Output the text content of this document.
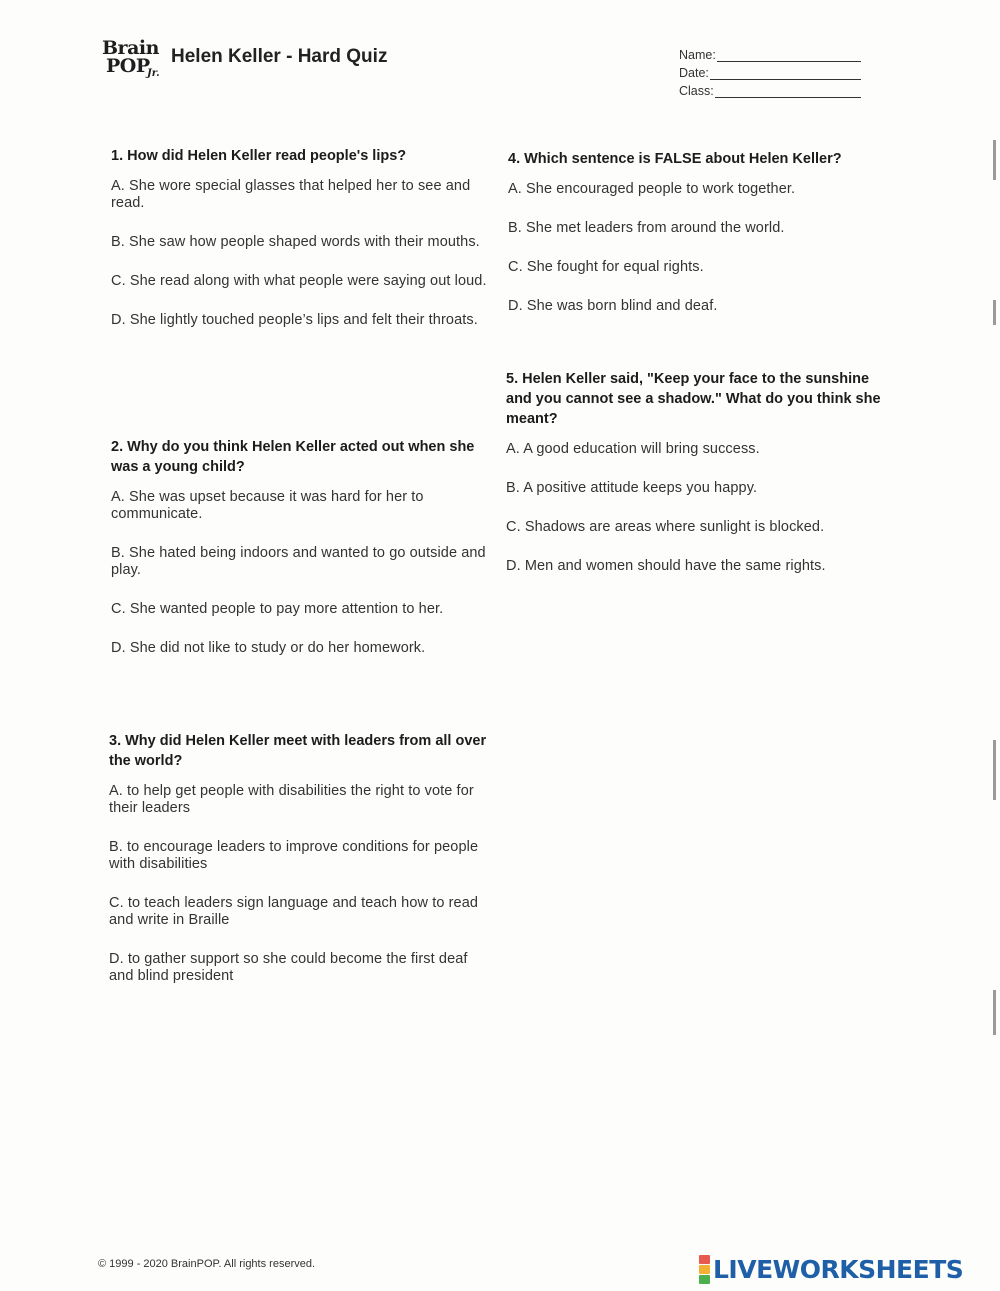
Brain
POP
Jr.
Helen Keller - Hard Quiz	Name:
Date:
Class:

1. How did Helen Keller read people's lips?

A. She wore special glasses that helped her to see and read.

B. She saw how people shaped words with their mouths.

C. She read along with what people were saying out loud.

D. She lightly touched people’s lips and felt their throats.

2. Why do you think Helen Keller acted out when she was a young child?

A. She was upset because it was hard for her to communicate.

B. She hated being indoors and wanted to go outside and play.

C. She wanted people to pay more attention to her.

D. She did not like to study or do her homework.

3. Why did Helen Keller meet with leaders from all over the world?

A. to help get people with disabilities the right to vote for their leaders

B. to encourage leaders to improve conditions for people with disabilities

C. to teach leaders sign language and teach how to read and write in Braille

D. to gather support so she could become the first deaf and blind president

4. Which sentence is FALSE about Helen Keller?

A. She encouraged people to work together.

B. She met leaders from around the world.

C. She fought for equal rights.

D. She was born blind and deaf.

5. Helen Keller said, "Keep your face to the sunshine and you cannot see a shadow." What do you think she meant?

A. A good education will bring success.

B. A positive attitude keeps you happy.

C. Shadows are areas where sunlight is blocked.

D. Men and women should have the same rights.

© 1999 - 2020 BrainPOP. All rights reserved.	LIVEWORKSHEETS
